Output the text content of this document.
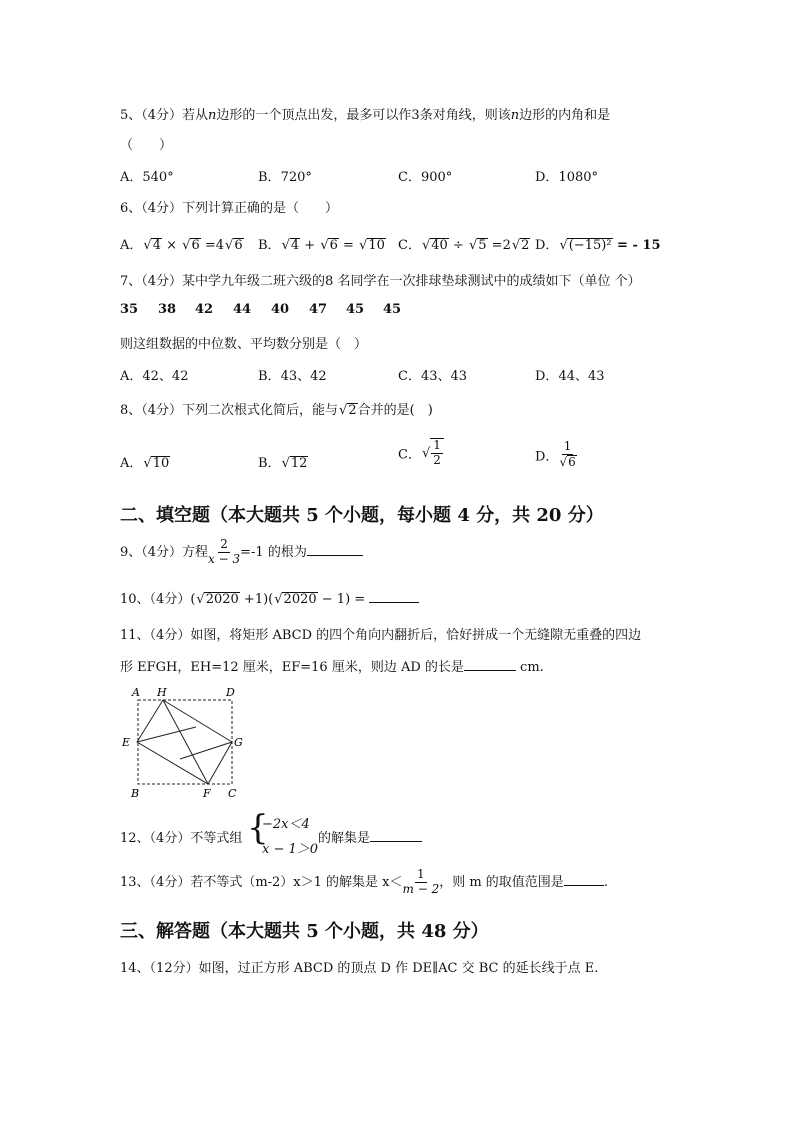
5、（4分）若从n边形的一个顶点出发，最多可以作3条对角线，则该n边形的内角和是
（　　）
A．540°	B．720°	C．900°	D．1080°
6、（4分）下列计算正确的是（　　）
A． √ 4 × √ 6 =4 √ 6 B． √ 4 + √ 6 = √ 10 C． √ 40 ÷ √ 5 =2 √ 2 D． √ (−15)² = - 15
7、（4分）某中学九年级二班六级的8 名同学在一次排球垫球测试中的成绩如下（单位 个）
35 38 42 44 40 47 45 45
则这组数据的中位数、平均数分别是（　）
A．42、42	B．43、42	C．43、43	D．44、43
8、（4分）下列二次根式化简后，能与 √ 2合并的是(　)
A． √ 10	B． √ 12
C． √ $\frac{1}{2}$	D． 1
√ 6
二、填空题（本大题共 5 个小题，每小题 4 分，共 20 分）
9、（4分）方程 $\frac{2}{x - 3} =-1$ 的根为
10、（4分）( √ 2020 +1)( √ 2020 − 1) =
11、（4分）如图，将矩形 ABCD 的四个角向内翻折后，恰好拼成一个无缝隙无重叠的四边
形 EFGH，EH=12 厘米，EF=16 厘米，则边 AD 的长是	cm.
A H	D
E	G
B	F C
12、（4分）不等式组 {
−2x＜4
x − 1＞0
的解集是
13、（4分）若不等式（m-2）x＞1 的解集是 $x< \frac{1}{m - 2}$ ，则 m 的取值范围是	.
三、解答题（本大题共 5 个小题，共 48 分）
14、（12分）如图，过正方形 ABCD 的顶点 D 作 DE∥AC 交 BC 的延长线于点 E.
